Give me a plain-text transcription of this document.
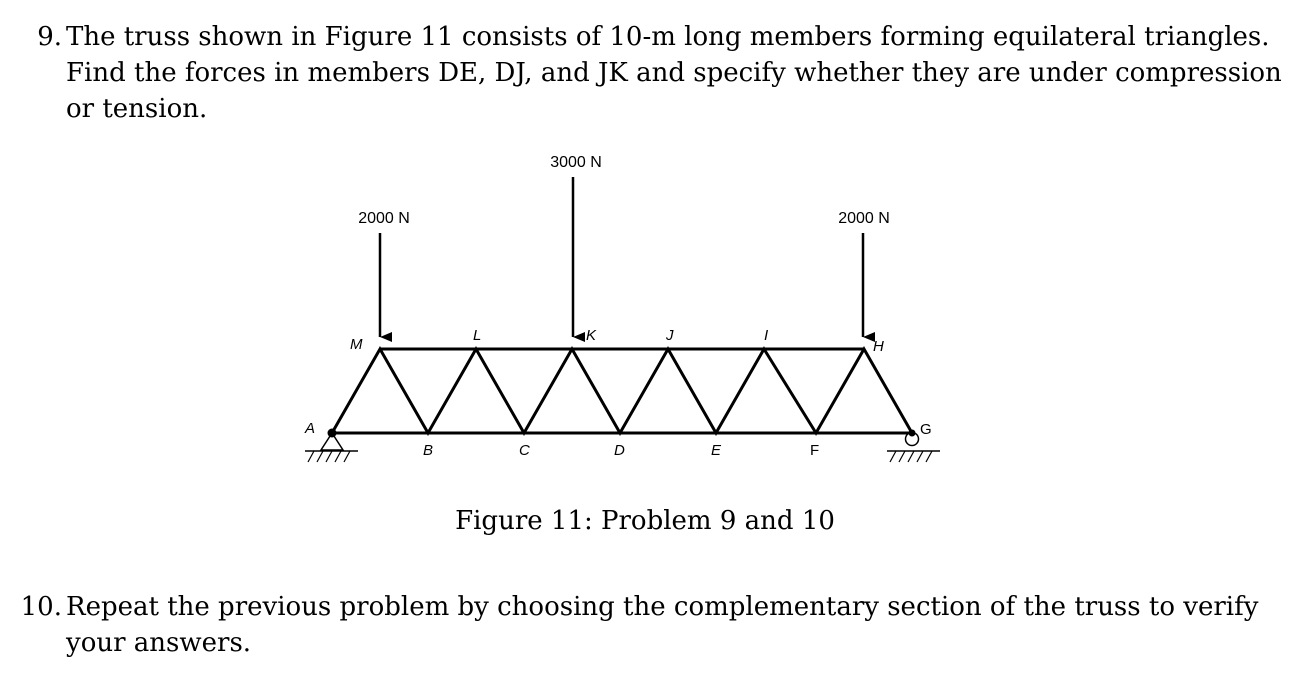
9. The truss shown in Figure 11 consists of 10-m long members forming equilateral triangles.
Find the forces in members DE, DJ, and JK and specify whether they are under compression
or tension.
2000 N
3000 N
2000 N
A
B	C	D	E	F
G
H
I
J
K
L
M
Figure 11: Problem 9 and 10
10. Repeat the previous problem by choosing the complementary section of the truss to verify
your answers.
